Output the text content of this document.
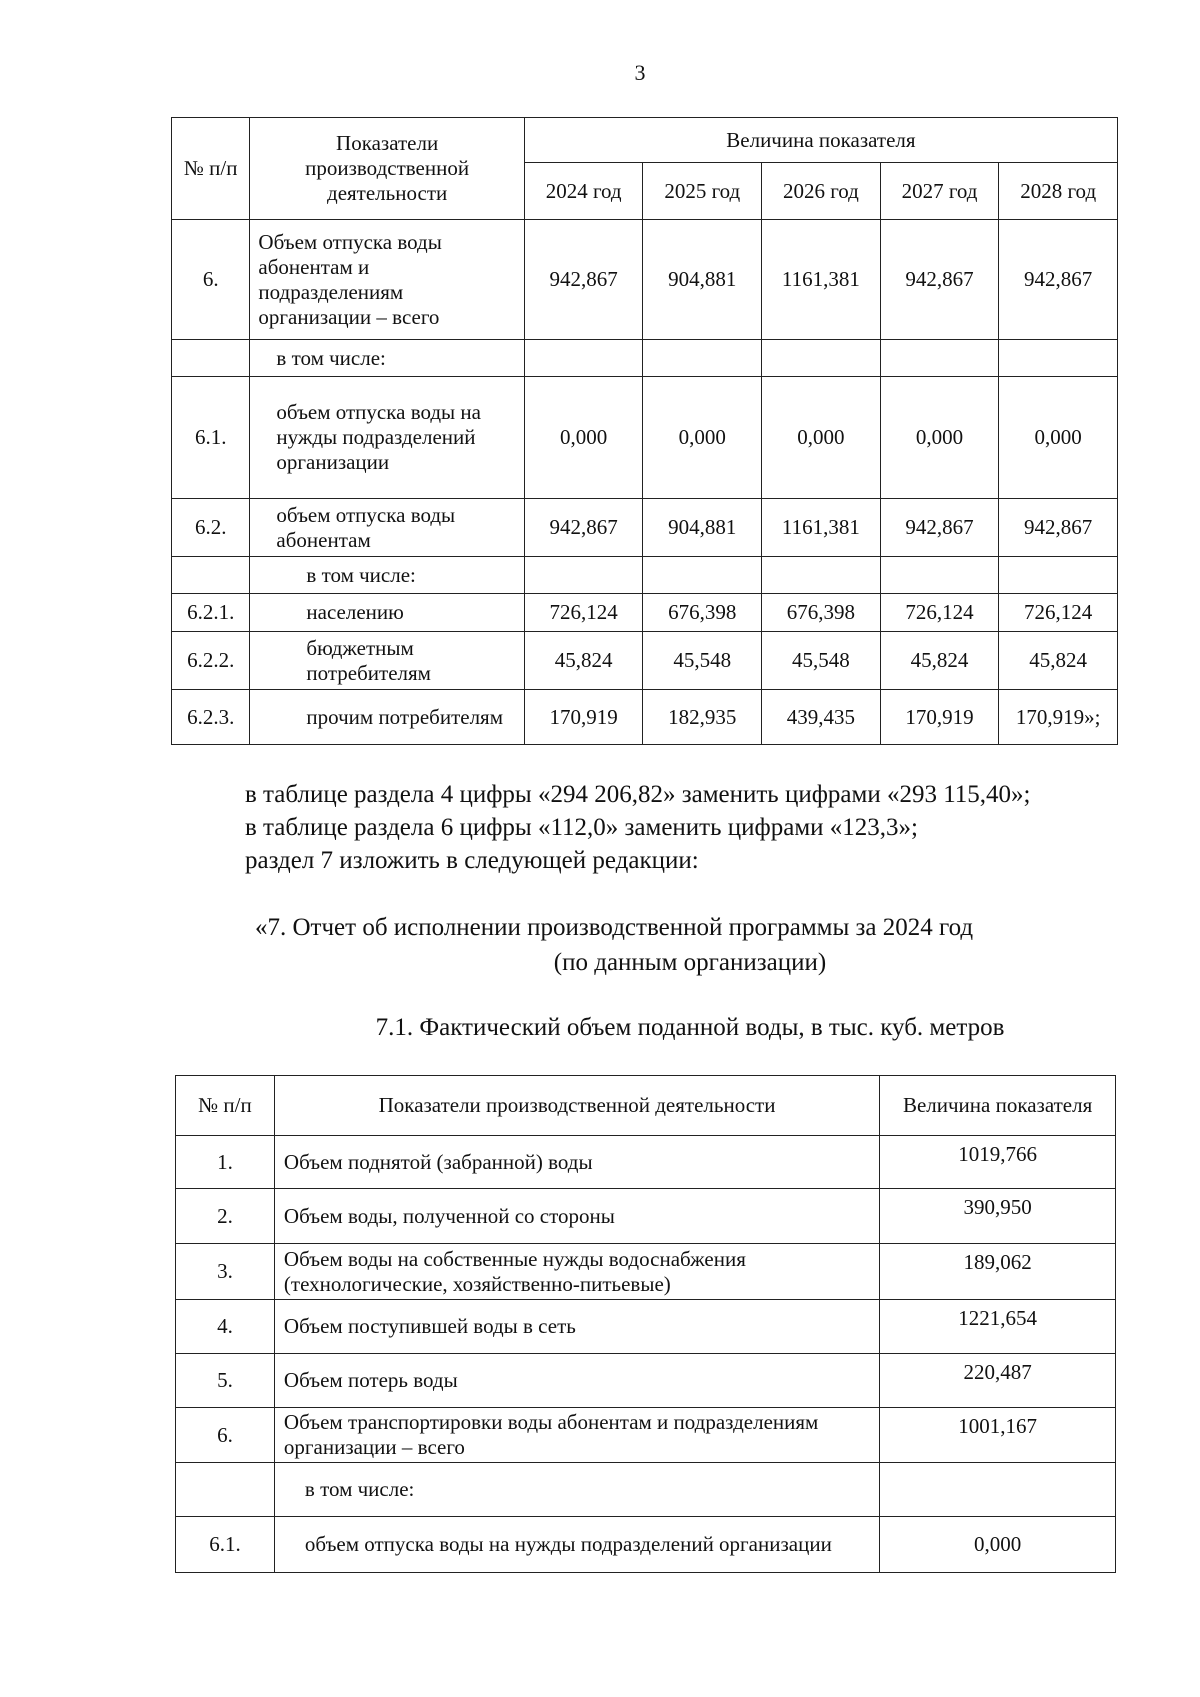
3
№ п/п	Показатели производственной деятельности	Величина показателя				
		2024 год	2025 год	2026 год	2027 год	2028 год
6.	Объем отпуска воды абонентам и подразделениям организации – всего	942,867	904,881	1161,381	942,867	942,867
	в том числе:					
6.1.	объем отпуска воды на нужды подразделений организации	0,000	0,000	0,000	0,000	0,000
6.2.	объем отпуска воды абонентам	942,867	904,881	1161,381	942,867	942,867
	в том числе:					
6.2.1.	населению	726,124	676,398	676,398	726,124	726,124
6.2.2.	бюджетным потребителям	45,824	45,548	45,548	45,824	45,824
6.2.3.	прочим потребителям	170,919	182,935	439,435	170,919	170,919»;
в таблице раздела 4 цифры «294 206,82» заменить цифрами «293 115,40»;
в таблице раздела 6 цифры «112,0» заменить цифрами «123,3»;
раздел 7 изложить в следующей редакции:
«7. Отчет об исполнении производственной программы за 2024 год
(по данным организации)
7.1. Фактический объем поданной воды, в тыс. куб. метров
№ п/п	Показатели производственной деятельности	Величина показателя
1.	Объем поднятой (забранной) воды	1019,766
2.	Объем воды, полученной со стороны	390,950
3.	Объем воды на собственные нужды водоснабжения (технологические, хозяйственно-питьевые)	189,062
4.	Объем поступившей воды в сеть	1221,654
5.	Объем потерь воды	220,487
6.	Объем транспортировки воды абонентам и подразделениям организации – всего	1001,167
	в том числе:	
6.1.	объем отпуска воды на нужды подразделений организации	0,000
